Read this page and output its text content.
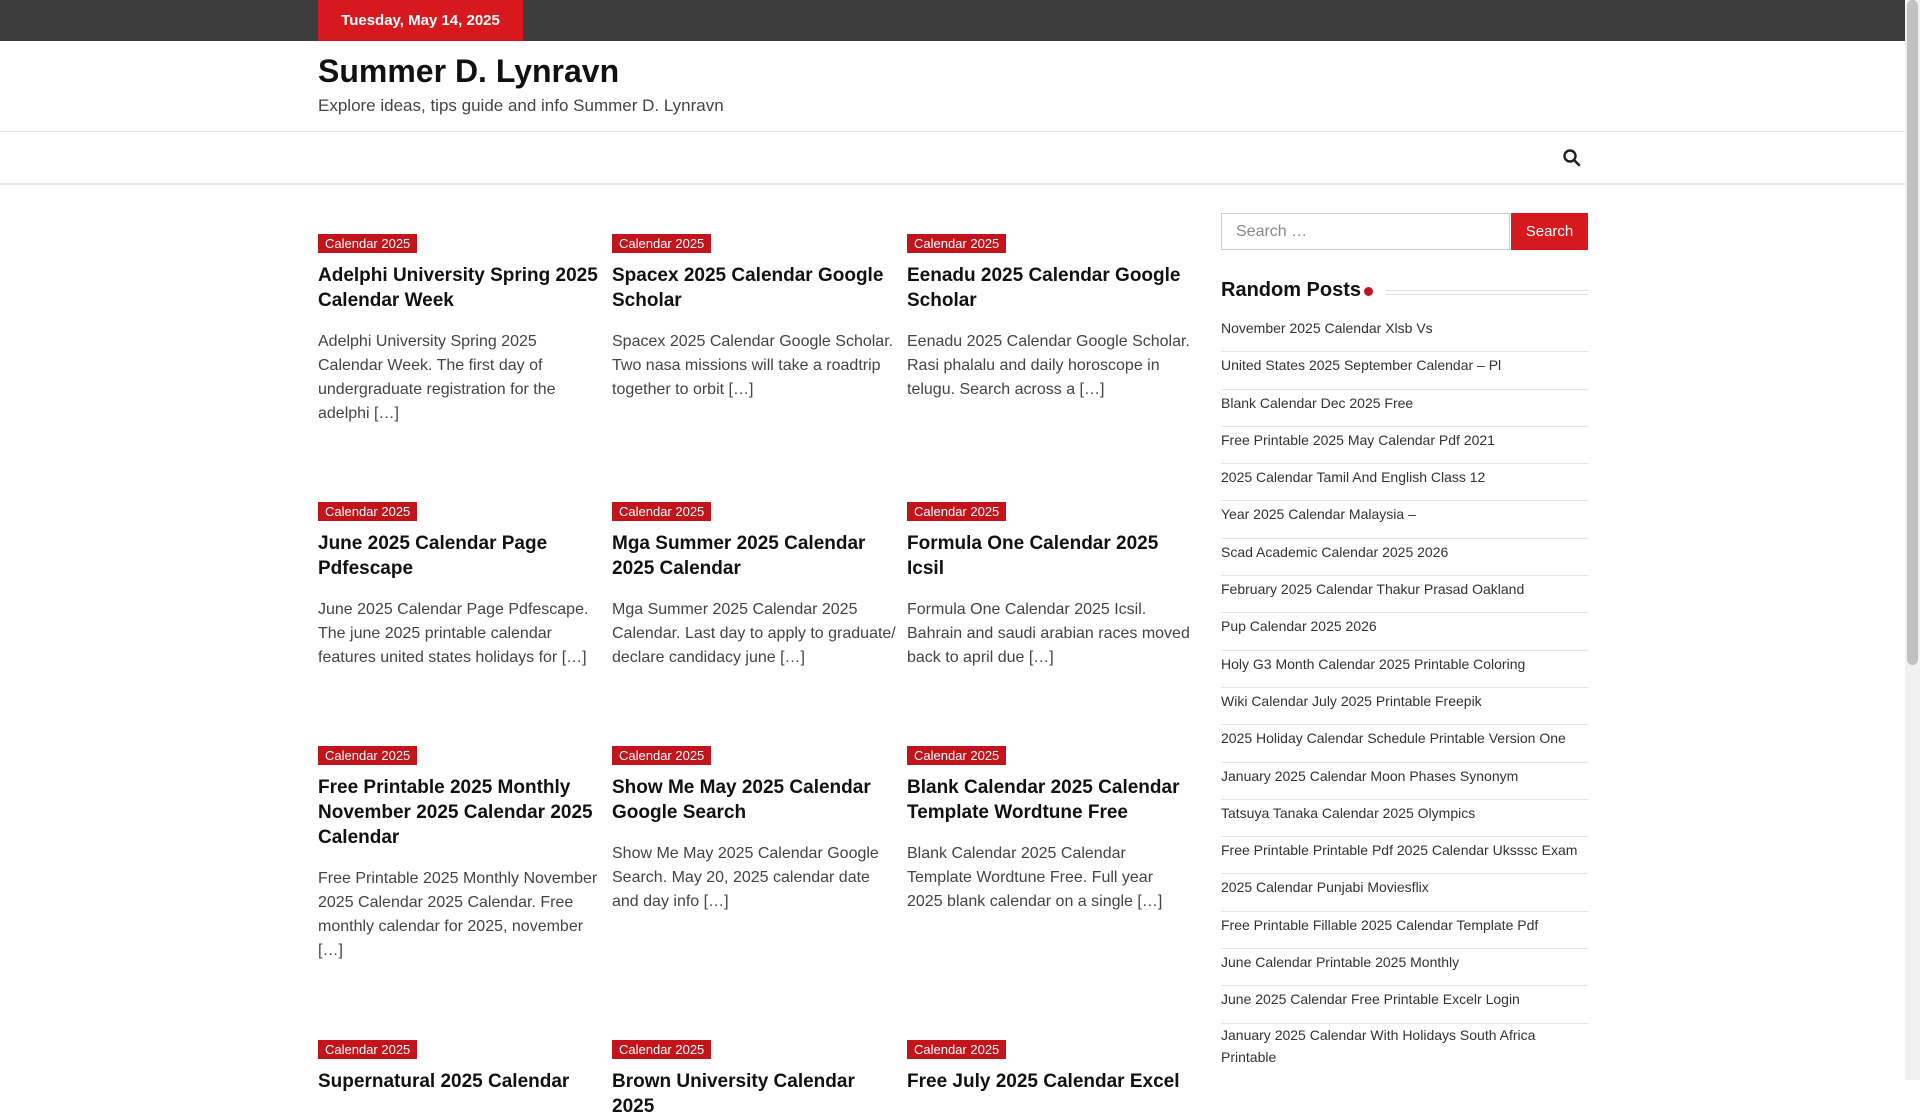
Tuesday, May 14, 2025
Summer D. Lynravn
Explore ideas, tips guide and info Summer D. Lynravn
Calendar 2025
Adelphi University Spring 2025 Calendar Week
Adelphi University Spring 2025 Calendar Week. The first day of undergraduate registration for the adelphi […]
Calendar 2025
Spacex 2025 Calendar Google Scholar
Spacex 2025 Calendar Google Scholar. Two nasa missions will take a roadtrip together to orbit […]
Calendar 2025
Eenadu 2025 Calendar Google Scholar
Eenadu 2025 Calendar Google Scholar. Rasi phalalu and daily horoscope in telugu. Search across a […]
Calendar 2025
June 2025 Calendar Page Pdfescape
June 2025 Calendar Page Pdfescape. The june 2025 printable calendar features united states holidays for […]
Calendar 2025
Mga Summer 2025 Calendar 2025 Calendar
Mga Summer 2025 Calendar 2025 Calendar. Last day to apply to graduate/ declare candidacy june […]
Calendar 2025
Formula One Calendar 2025 Icsil
Formula One Calendar 2025 Icsil. Bahrain and saudi arabian races moved back to april due […]
Calendar 2025
Free Printable 2025 Monthly November 2025 Calendar 2025 Calendar
Free Printable 2025 Monthly November 2025 Calendar 2025 Calendar. Free monthly calendar for 2025, november […]
Calendar 2025
Show Me May 2025 Calendar Google Search
Show Me May 2025 Calendar Google Search. May 20, 2025 calendar date and day info […]
Calendar 2025
Blank Calendar 2025 Calendar Template Wordtune Free
Blank Calendar 2025 Calendar Template Wordtune Free. Full year 2025 blank calendar on a single […]
Calendar 2025
Supernatural 2025 Calendar
Calendar 2025
Brown University Calendar 2025
Calendar 2025
Free July 2025 Calendar Excel
Search …
Search
Random Posts
November 2025 Calendar Xlsb Vs
United States 2025 September Calendar – Pl
Blank Calendar Dec 2025 Free
Free Printable 2025 May Calendar Pdf 2021
2025 Calendar Tamil And English Class 12
Year 2025 Calendar Malaysia –
Scad Academic Calendar 2025 2026
February 2025 Calendar Thakur Prasad Oakland
Pup Calendar 2025 2026
Holy G3 Month Calendar 2025 Printable Coloring
Wiki Calendar July 2025 Printable Freepik
2025 Holiday Calendar Schedule Printable Version One
January 2025 Calendar Moon Phases Synonym
Tatsuya Tanaka Calendar 2025 Olympics
Free Printable Printable Pdf 2025 Calendar Uksssc Exam
2025 Calendar Punjabi Moviesflix
Free Printable Fillable 2025 Calendar Template Pdf
June Calendar Printable 2025 Monthly
June 2025 Calendar Free Printable Excelr Login
January 2025 Calendar With Holidays South Africa Printable
